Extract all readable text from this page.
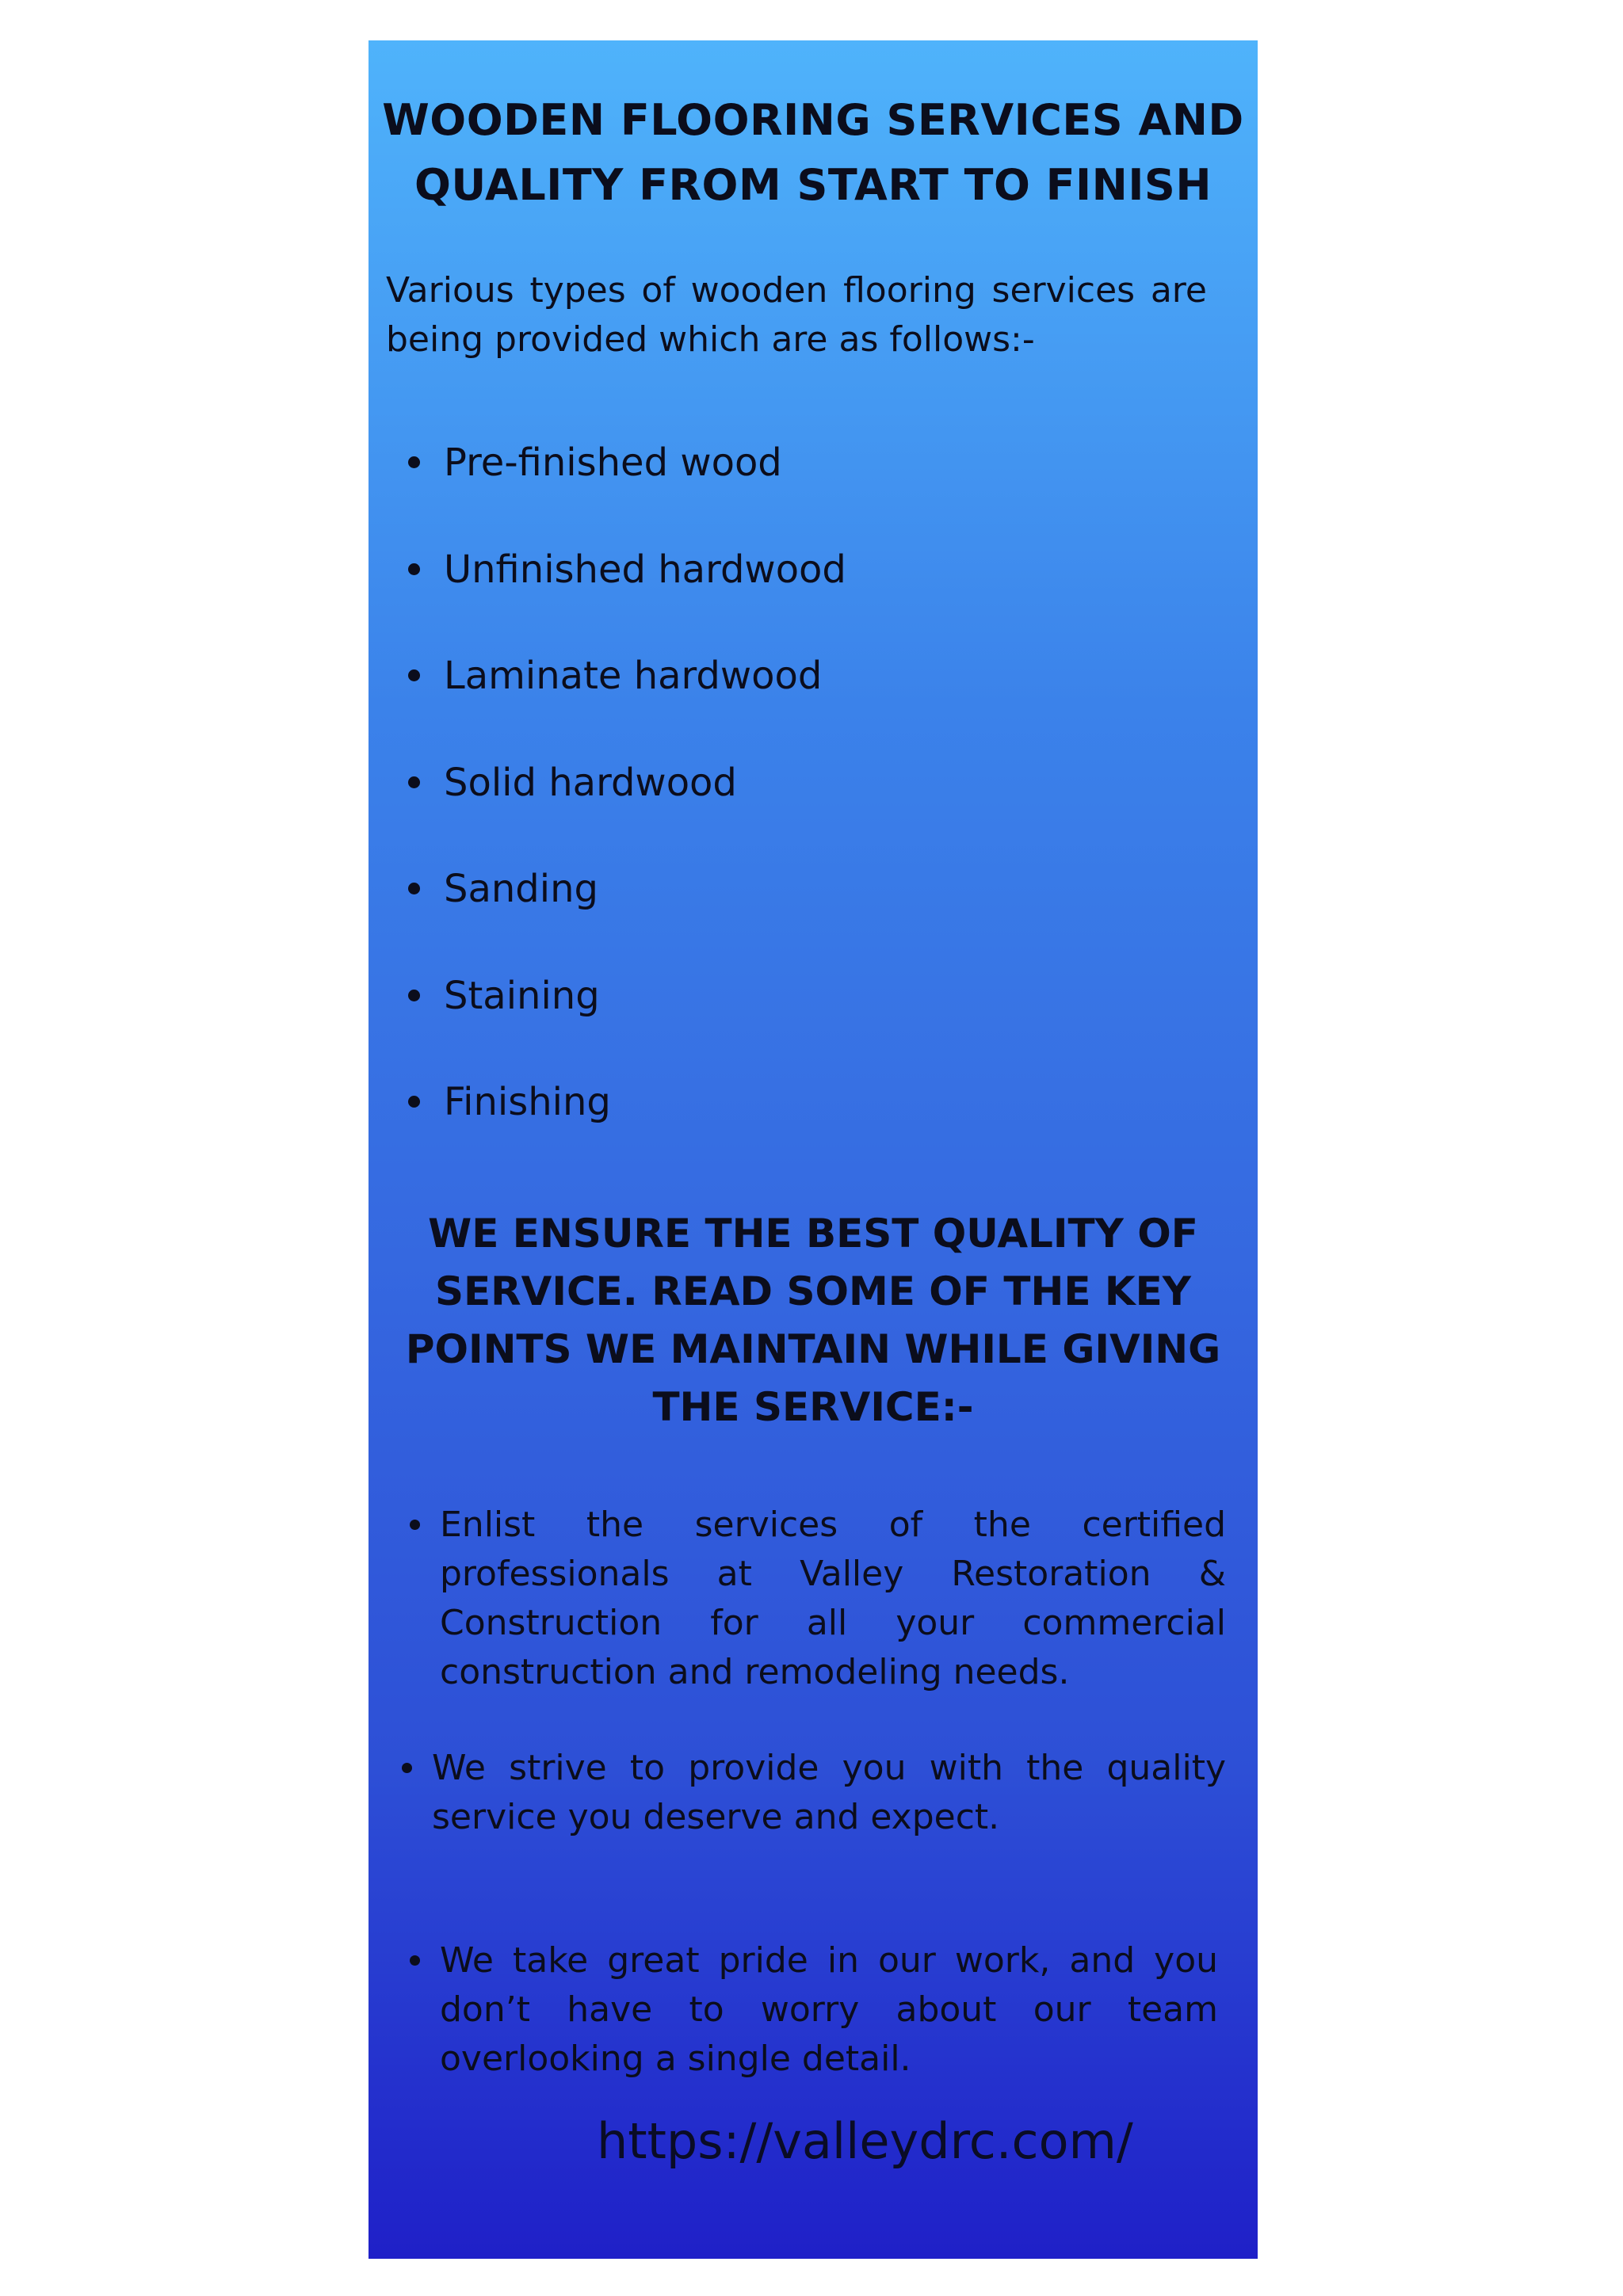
WOODEN FLOORING SERVICES AND
QUALITY FROM START TO FINISH

Various types of wooden flooring services are being provided which are as follows:-

Pre-finished wood
Unfinished hardwood
Laminate hardwood
Solid hardwood
Sanding
Staining
Finishing
WE ENSURE THE BEST QUALITY OF
SERVICE. READ SOME OF THE KEY
POINTS WE MAINTAIN WHILE GIVING
THE SERVICE:-
Enlist the services of the certified professionals at Valley Restoration & Construction for all your commercial construction and remodeling needs.
We strive to provide you with the quality service you deserve and expect.
We take great pride in our work, and you don’t have to worry about our team overlooking a single detail.
https://valleydrc.com/
